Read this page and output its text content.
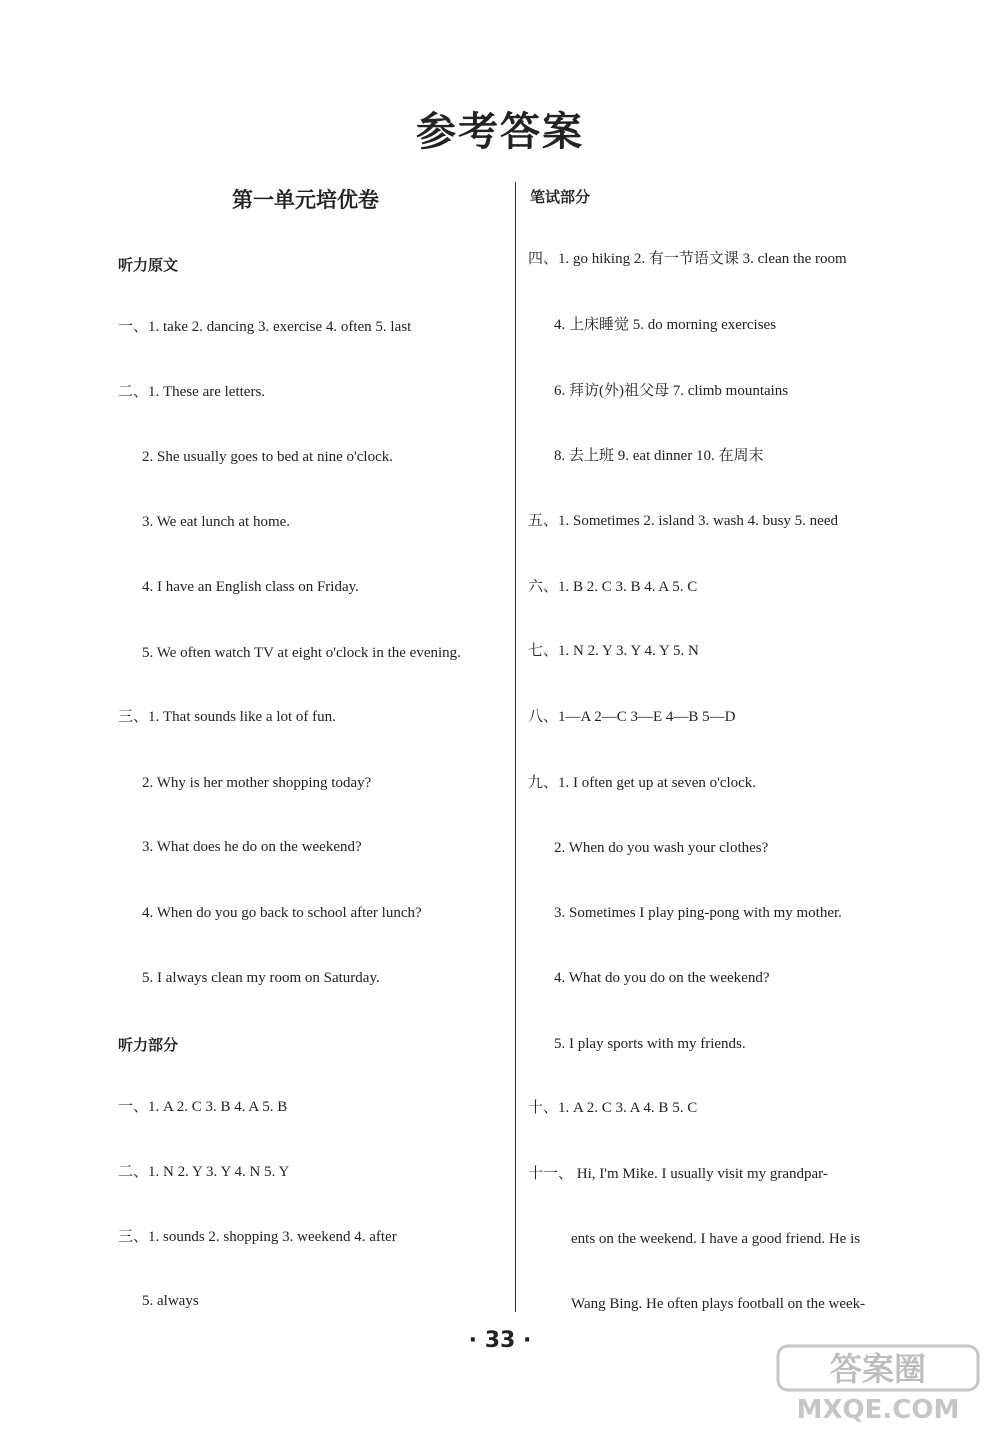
参考答案
第一单元培优卷
听力原文
一、1. take 2. dancing 3. exercise 4. often 5. last
二、1. These are letters.
2. She usually goes to bed at nine o'clock.
3. We eat lunch at home.
4. I have an English class on Friday.
5. We often watch TV at eight o'clock in the evening.
三、1. That sounds like a lot of fun.
2. Why is her mother shopping today?
3. What does he do on the weekend?
4. When do you go back to school after lunch?
5. I always clean my room on Saturday.
听力部分
一、1. A 2. C 3. B 4. A 5. B
二、1. N 2. Y 3. Y 4. N 5. Y
三、1. sounds 2. shopping 3. weekend 4. after
5. always
笔试部分
四、1. go hiking 2. 有一节语文课 3. clean the room
4. 上床睡觉 5. do morning exercises
6. 拜访(外)祖父母 7. climb mountains
8. 去上班 9. eat dinner 10. 在周末
五、1. Sometimes 2. island 3. wash 4. busy 5. need
六、1. B 2. C 3. B 4. A 5. C
七、1. N 2. Y 3. Y 4. Y 5. N
八、1—A 2—C 3—E 4—B 5—D
九、1. I often get up at seven o'clock.
2. When do you wash your clothes?
3. Sometimes I play ping-pong with my mother.
4. What do you do on the weekend?
5. I play sports with my friends.
十、1. A 2. C 3. A 4. B 5. C
十一、 Hi, I'm Mike. I usually visit my grandpar-
ents on the weekend. I have a good friend. He is
Wang Bing. He often plays football on the week-
· 33 ·
答案圈
MXQE.COM
